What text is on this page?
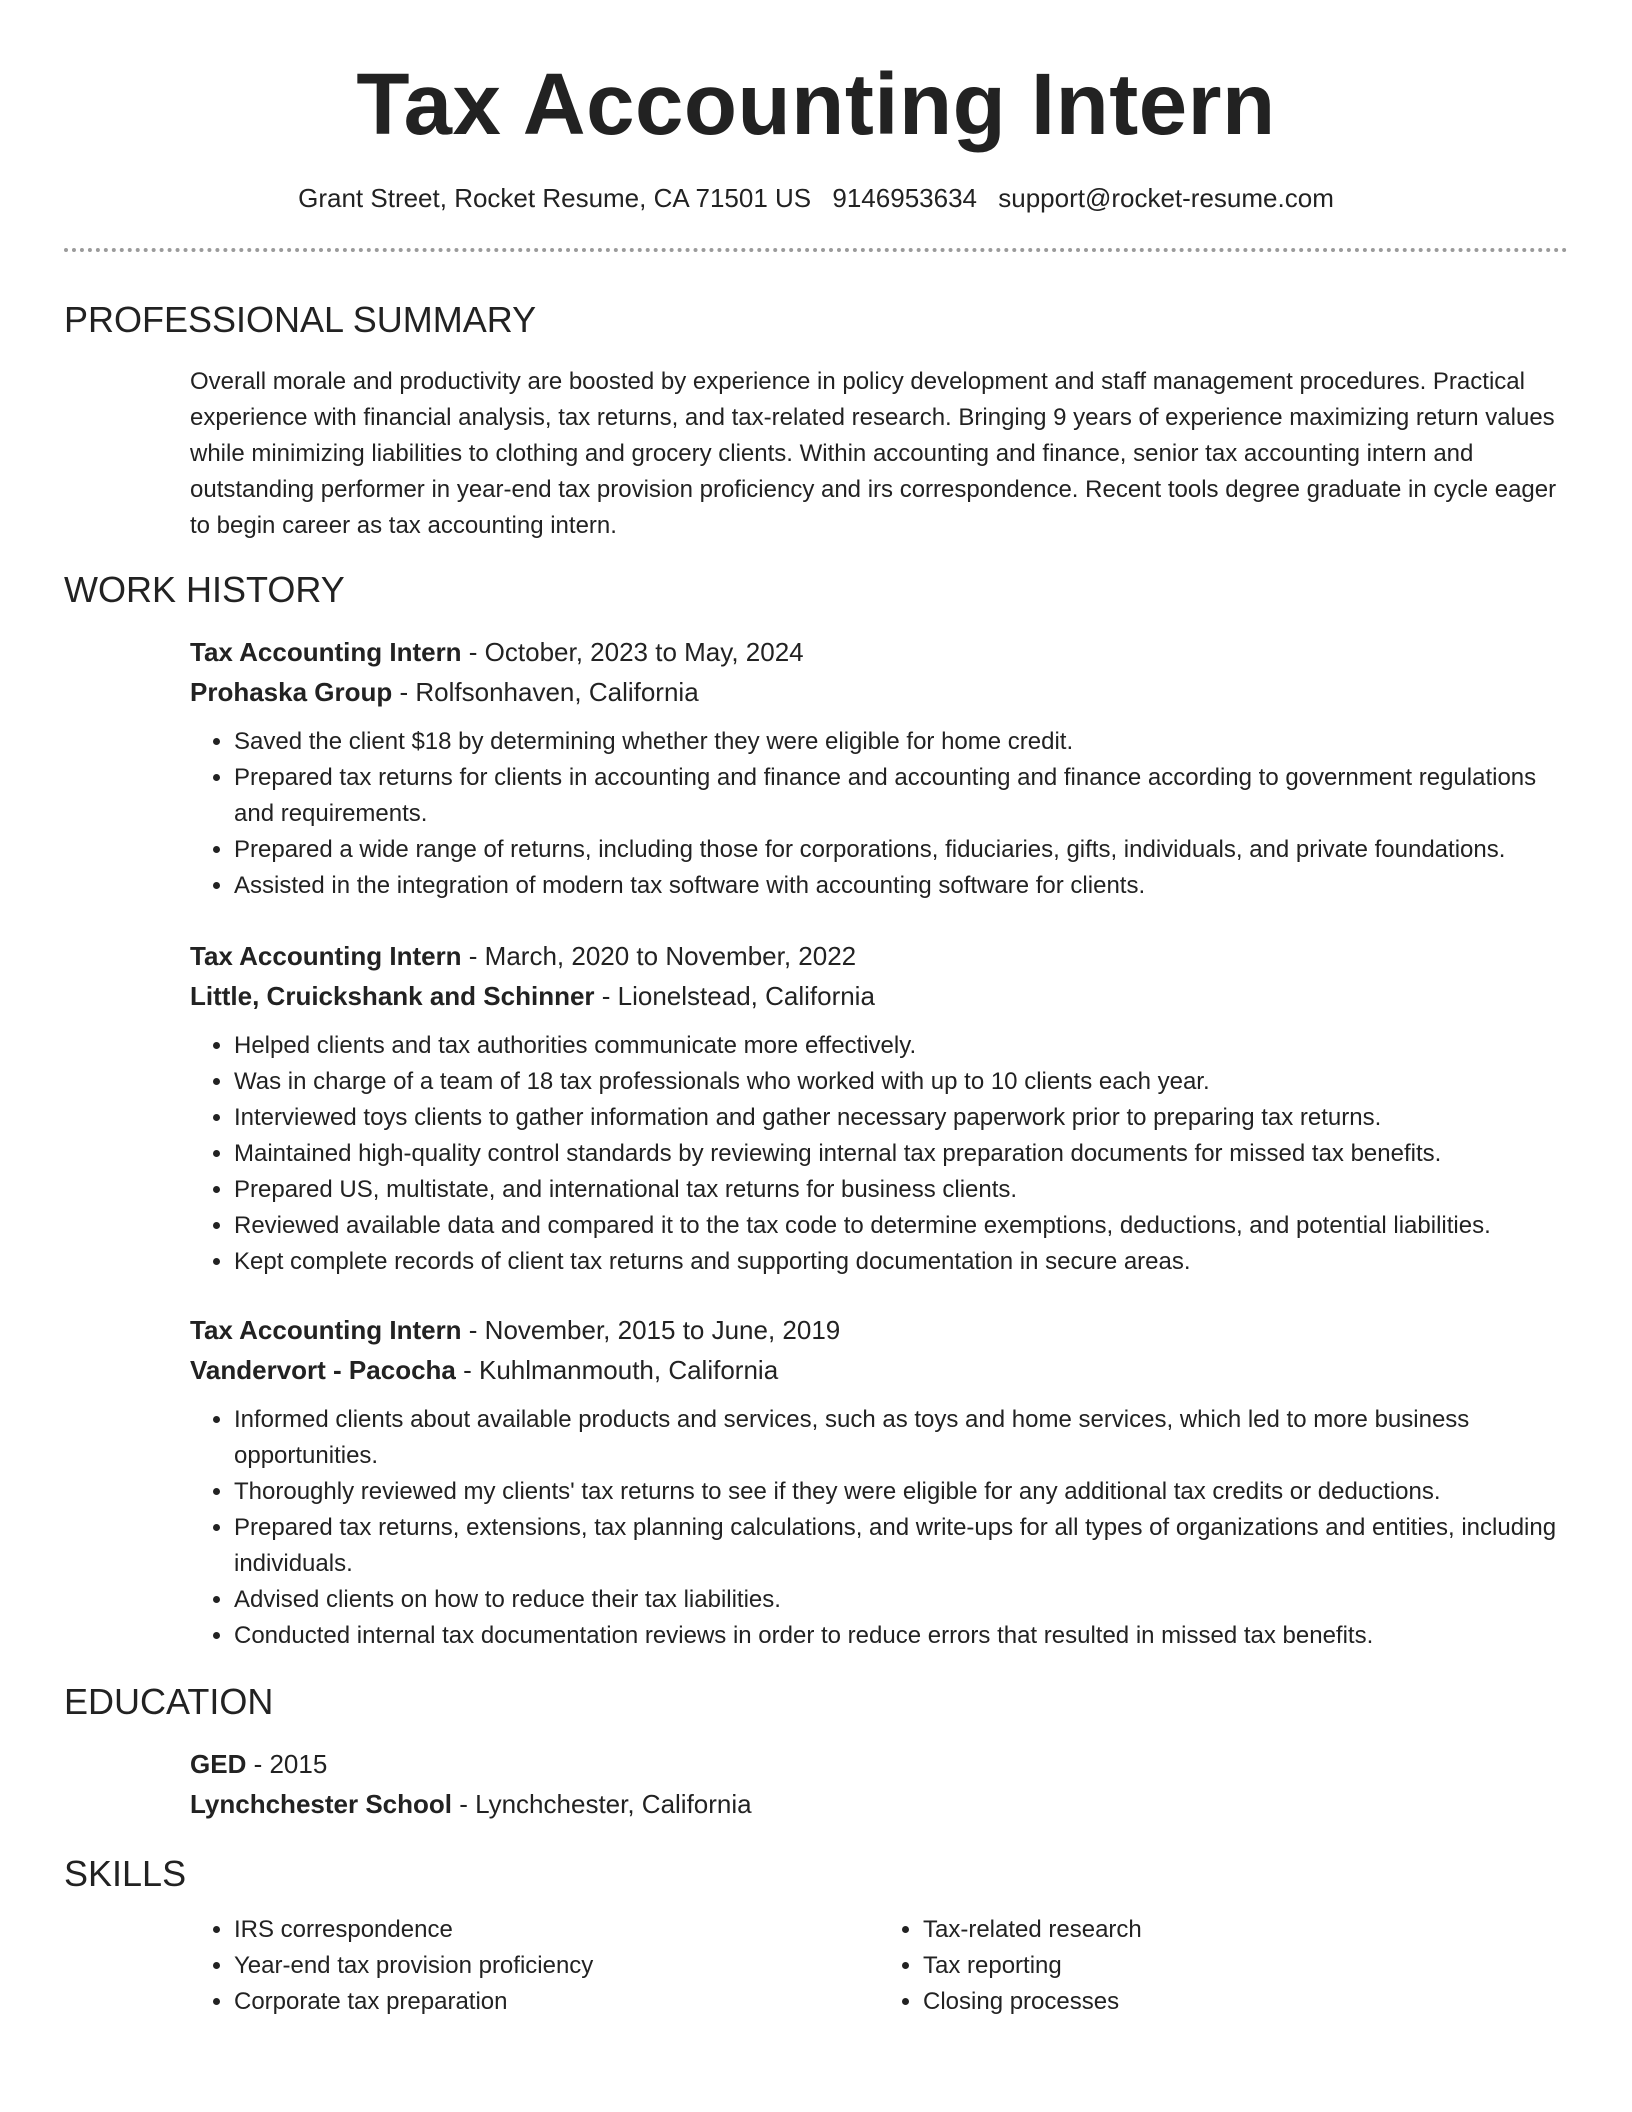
Tax Accounting Intern
Grant Street, Rocket Resume, CA 71501 US 9146953634 support@rocket-resume.com
PROFESSIONAL SUMMARY
Overall morale and productivity are boosted by experience in policy development and staff management procedures. Practical experience with financial analysis, tax returns, and tax-related research. Bringing 9 years of experience maximizing return values while minimizing liabilities to clothing and grocery clients. Within accounting and finance, senior tax accounting intern and outstanding performer in year-end tax provision proficiency and irs correspondence. Recent tools degree graduate in cycle eager to begin career as tax accounting intern.
WORK HISTORY
Tax Accounting Intern - October, 2023 to May, 2024
Prohaska Group - Rolfsonhaven, California
• Saved the client $18 by determining whether they were eligible for home credit.
• Prepared tax returns for clients in accounting and finance and accounting and finance according to government regulations and requirements.
• Prepared a wide range of returns, including those for corporations, fiduciaries, gifts, individuals, and private foundations.
• Assisted in the integration of modern tax software with accounting software for clients.
Tax Accounting Intern - March, 2020 to November, 2022
Little, Cruickshank and Schinner - Lionelstead, California
• Helped clients and tax authorities communicate more effectively.
• Was in charge of a team of 18 tax professionals who worked with up to 10 clients each year.
• Interviewed toys clients to gather information and gather necessary paperwork prior to preparing tax returns.
• Maintained high-quality control standards by reviewing internal tax preparation documents for missed tax benefits.
• Prepared US, multistate, and international tax returns for business clients.
• Reviewed available data and compared it to the tax code to determine exemptions, deductions, and potential liabilities.
• Kept complete records of client tax returns and supporting documentation in secure areas.
Tax Accounting Intern - November, 2015 to June, 2019
Vandervort - Pacocha - Kuhlmanmouth, California
• Informed clients about available products and services, such as toys and home services, which led to more business opportunities.
• Thoroughly reviewed my clients' tax returns to see if they were eligible for any additional tax credits or deductions.
• Prepared tax returns, extensions, tax planning calculations, and write-ups for all types of organizations and entities, including individuals.
• Advised clients on how to reduce their tax liabilities.
• Conducted internal tax documentation reviews in order to reduce errors that resulted in missed tax benefits.
EDUCATION
GED - 2015
Lynchchester School - Lynchchester, California
SKILLS
• IRS correspondence
• Year-end tax provision proficiency
• Corporate tax preparation
• Tax-related research
• Tax reporting
• Closing processes
